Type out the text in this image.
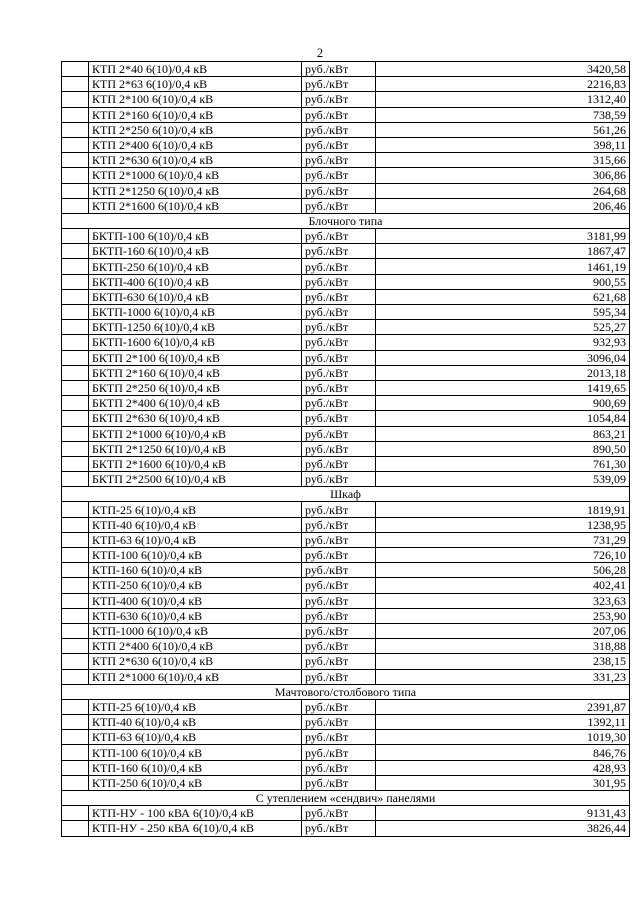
2
	КТП 2*40 6(10)/0,4 кВ	руб./кВт	3420,58
	КТП 2*63 6(10)/0,4 кВ	руб./кВт	2216,83
	КТП 2*100 6(10)/0,4 кВ	руб./кВт	1312,40
	КТП 2*160 6(10)/0,4 кВ	руб./кВт	738,59
	КТП 2*250 6(10)/0,4 кВ	руб./кВт	561,26
	КТП 2*400 6(10)/0,4 кВ	руб./кВт	398,11
	КТП 2*630 6(10)/0,4 кВ	руб./кВт	315,66
	КТП 2*1000 6(10)/0,4 кВ	руб./кВт	306,86
	КТП 2*1250 6(10)/0,4 кВ	руб./кВт	264,68
	КТП 2*1600 6(10)/0,4 кВ	руб./кВт	206,46
Блочного типа			
	БКТП-100 6(10)/0,4 кВ	руб./кВт	3181,99
	БКТП-160 6(10)/0,4 кВ	руб./кВт	1867,47
	БКТП-250 6(10)/0,4 кВ	руб./кВт	1461,19
	БКТП-400 6(10)/0,4 кВ	руб./кВт	900,55
	БКТП-630 6(10)/0,4 кВ	руб./кВт	621,68
	БКТП-1000 6(10)/0,4 кВ	руб./кВт	595,34
	БКТП-1250 6(10)/0,4 кВ	руб./кВт	525,27
	БКТП-1600 6(10)/0,4 кВ	руб./кВт	932,93
	БКТП 2*100 6(10)/0,4 кВ	руб./кВт	3096,04
	БКТП 2*160 6(10)/0,4 кВ	руб./кВт	2013,18
	БКТП 2*250 6(10)/0,4 кВ	руб./кВт	1419,65
	БКТП 2*400 6(10)/0,4 кВ	руб./кВт	900,69
	БКТП 2*630 6(10)/0,4 кВ	руб./кВт	1054,84
	БКТП 2*1000 6(10)/0,4 кВ	руб./кВт	863,21
	БКТП 2*1250 6(10)/0,4 кВ	руб./кВт	890,50
	БКТП 2*1600 6(10)/0,4 кВ	руб./кВт	761,30
	БКТП 2*2500 6(10)/0,4 кВ	руб./кВт	539,09
Шкаф			
	КТП-25 6(10)/0,4 кВ	руб./кВт	1819,91
	КТП-40 6(10)/0,4 кВ	руб./кВт	1238,95
	КТП-63 6(10)/0,4 кВ	руб./кВт	731,29
	КТП-100 6(10)/0,4 кВ	руб./кВт	726,10
	КТП-160 6(10)/0,4 кВ	руб./кВт	506,28
	КТП-250 6(10)/0,4 кВ	руб./кВт	402,41
	КТП-400 6(10)/0,4 кВ	руб./кВт	323,63
	КТП-630 6(10)/0,4 кВ	руб./кВт	253,90
	КТП-1000 6(10)/0,4 кВ	руб./кВт	207,06
	КТП 2*400 6(10)/0,4 кВ	руб./кВт	318,88
	КТП 2*630 6(10)/0,4 кВ	руб./кВт	238,15
	КТП 2*1000 6(10)/0,4 кВ	руб./кВт	331,23
Мачтового/столбового типа			
	КТП-25 6(10)/0,4 кВ	руб./кВт	2391,87
	КТП-40 6(10)/0,4 кВ	руб./кВт	1392,11
	КТП-63 6(10)/0,4 кВ	руб./кВт	1019,30
	КТП-100 6(10)/0,4 кВ	руб./кВт	846,76
	КТП-160 6(10)/0,4 кВ	руб./кВт	428,93
	КТП-250 6(10)/0,4 кВ	руб./кВт	301,95
С утеплением «сендвич» панелями			
	КТП-НУ - 100 кВА 6(10)/0,4 кВ	руб./кВт	9131,43
	КТП-НУ - 250 кВА 6(10)/0,4 кВ	руб./кВт	3826,44
